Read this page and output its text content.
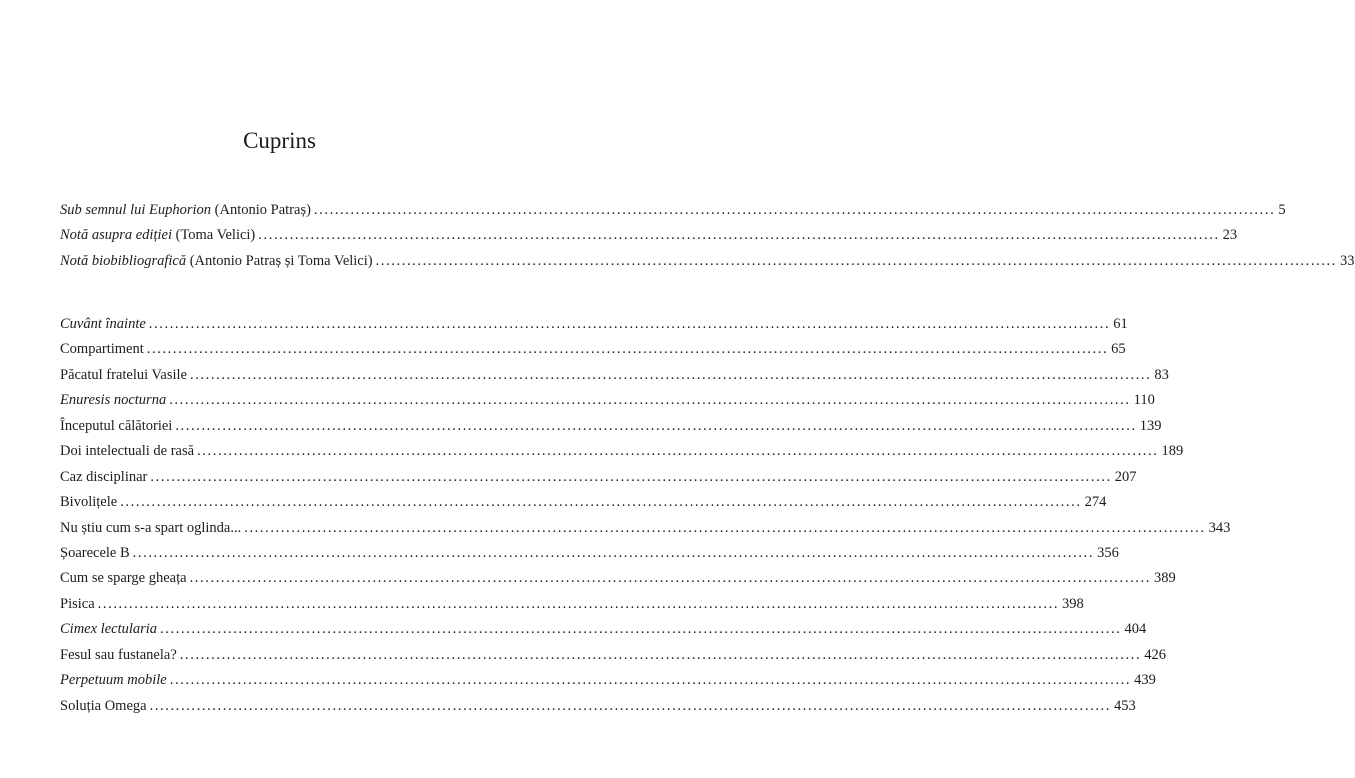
Cuprins
Sub semnul lui Euphorion (Antonio Patraș) ........................................................................................................................................................................................ 5
Notă asupra ediției (Toma Velici) ........................................................................................................................................................................................ 23
Notă biobibliografică (Antonio Patraș și Toma Velici) ........................................................................................................................................................................................ 33
Cuvânt înainte ........................................................................................................................................................................................ 61
Compartiment ........................................................................................................................................................................................ 65
Păcatul fratelui Vasile ........................................................................................................................................................................................ 83
Enuresis nocturna ........................................................................................................................................................................................ 110
Începutul călătoriei ........................................................................................................................................................................................ 139
Doi intelectuali de rasă ........................................................................................................................................................................................ 189
Caz disciplinar ........................................................................................................................................................................................ 207
Bivolițele ........................................................................................................................................................................................ 274
Nu știu cum s-a spart oglinda... ........................................................................................................................................................................................ 343
Șoarecele B ........................................................................................................................................................................................ 356
Cum se sparge gheața ........................................................................................................................................................................................ 389
Pisica ........................................................................................................................................................................................ 398
Cimex lectularia ........................................................................................................................................................................................ 404
Fesul sau fustanela? ........................................................................................................................................................................................ 426
Perpetuum mobile ........................................................................................................................................................................................ 439
Soluția Omega ........................................................................................................................................................................................ 453
